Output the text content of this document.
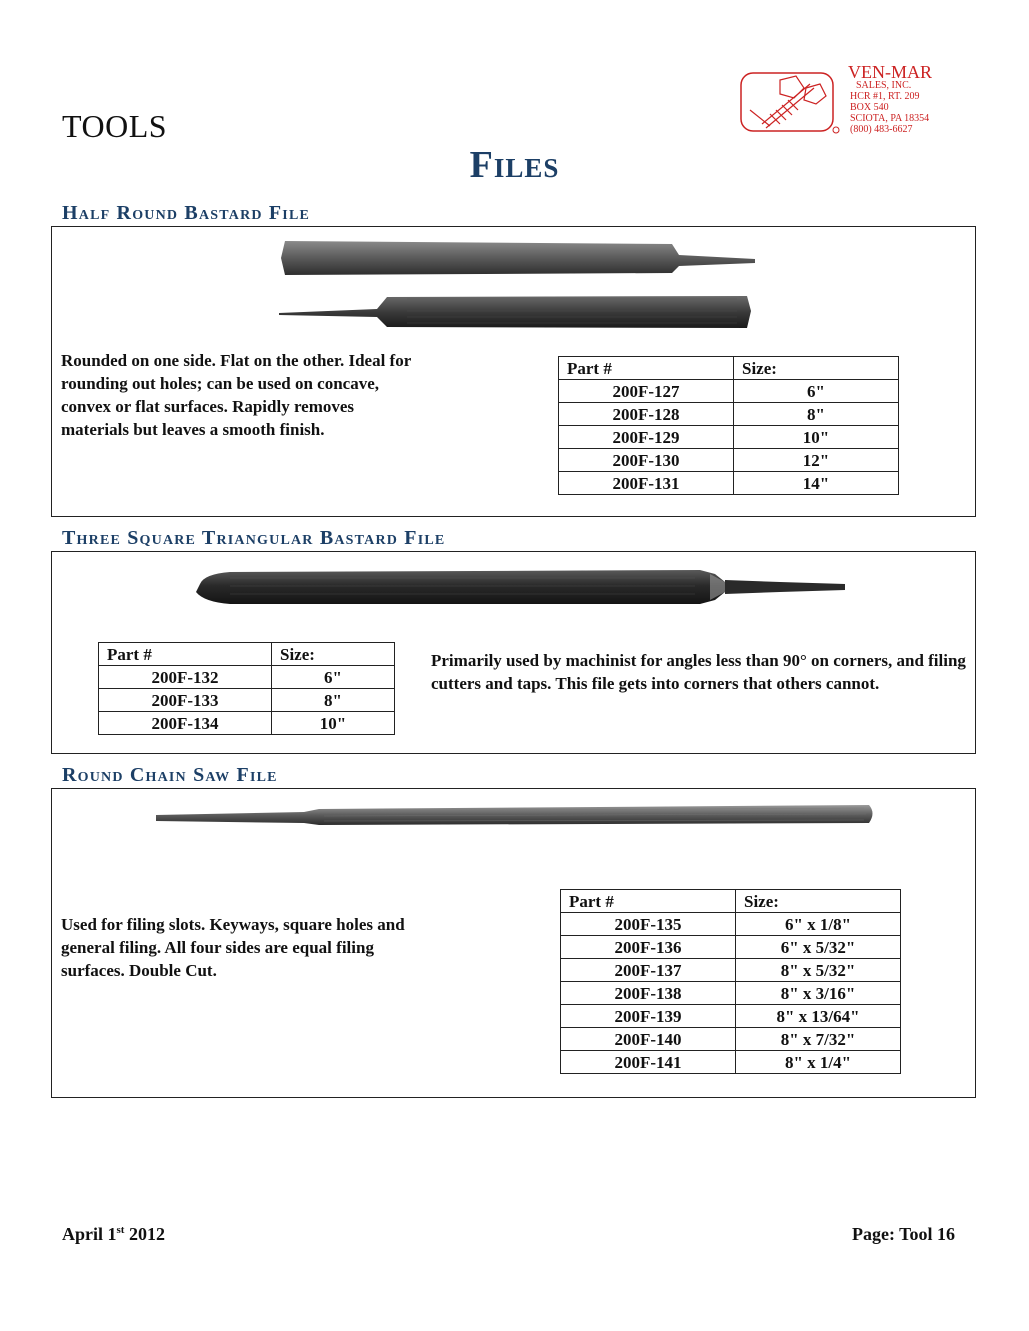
TOOLS
Files
VEN-MAR
SALES, INC.
HCR #1, RT. 209
BOX 540
SCIOTA, PA 18354
(800) 483-6627
Half Round Bastard File
Rounded on one side. Flat on the other. Ideal for rounding out holes; can be used on concave, convex or flat surfaces. Rapidly removes materials but leaves a smooth finish.
Part #	Size:
200F-127	6"
200F-128	8"
200F-129	10"
200F-130	12"
200F-131	14"
Three Square Triangular Bastard File
Part #	Size:
200F-132	6"
200F-133	8"
200F-134	10"
Primarily used by machinist for angles less than 90° on corners, and filing cutters and taps. This file gets into corners that others cannot.
Round Chain Saw File
Used for filing slots. Keyways, square holes and general filing. All four sides are equal filing surfaces. Double Cut.
Part #	Size:
200F-135	6" x 1/8"
200F-136	6" x 5/32"
200F-137	8" x 5/32"
200F-138	8" x 3/16"
200F-139	8" x 13/64"
200F-140	8" x 7/32"
200F-141	8" x 1/4"
April 1st 2012	Page: Tool 16
